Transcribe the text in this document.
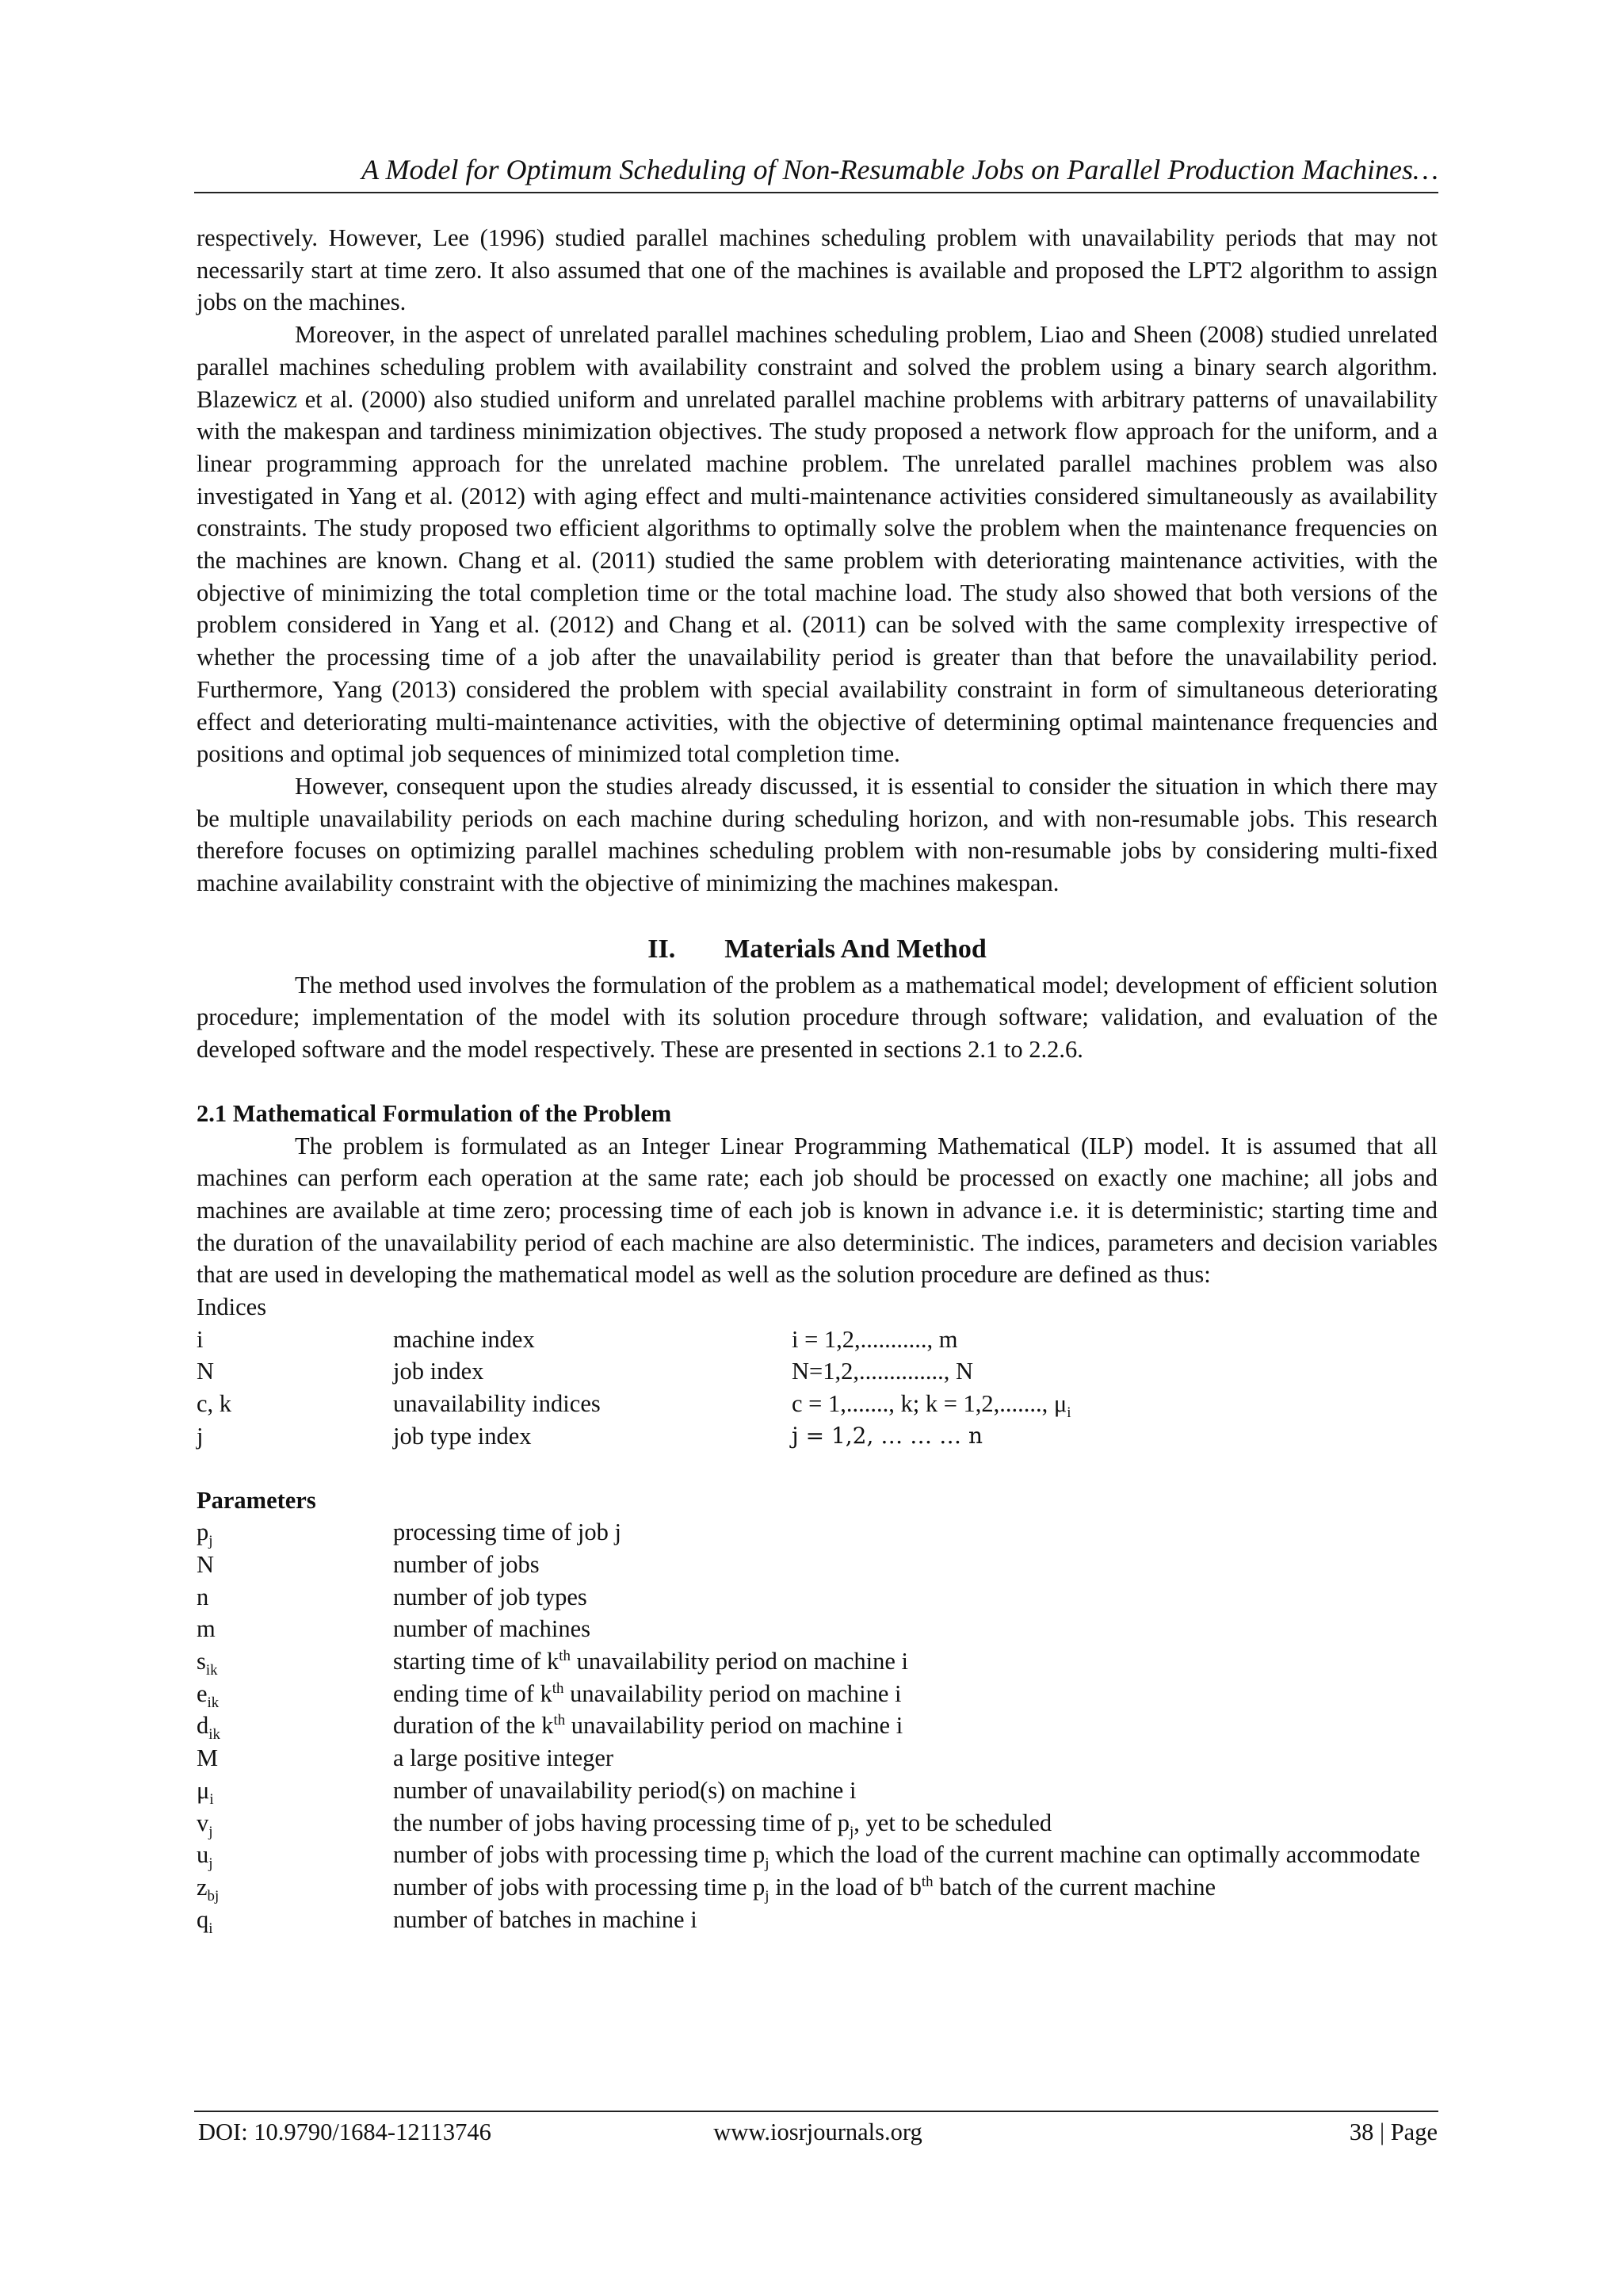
A Model for Optimum Scheduling of Non-Resumable Jobs on Parallel Production Machines…

respectively. However, Lee (1996) studied parallel machines scheduling problem with unavailability periods that may not necessarily start at time zero. It also assumed that one of the machines is available and proposed the LPT2 algorithm to assign jobs on the machines.

Moreover, in the aspect of unrelated parallel machines scheduling problem, Liao and Sheen (2008) studied unrelated parallel machines scheduling problem with availability constraint and solved the problem using a binary search algorithm. Blazewicz et al. (2000) also studied uniform and unrelated parallel machine problems with arbitrary patterns of unavailability with the makespan and tardiness minimization objectives. The study proposed a network flow approach for the uniform, and a linear programming approach for the unrelated machine problem. The unrelated parallel machines problem was also investigated in Yang et al. (2012) with aging effect and multi-maintenance activities considered simultaneously as availability constraints. The study proposed two efficient algorithms to optimally solve the problem when the maintenance frequencies on the machines are known. Chang et al. (2011) studied the same problem with deteriorating maintenance activities, with the objective of minimizing the total completion time or the total machine load. The study also showed that both versions of the problem considered in Yang et al. (2012) and Chang et al. (2011) can be solved with the same complexity irrespective of whether the processing time of a job after the unavailability period is greater than that before the unavailability period. Furthermore, Yang (2013) considered the problem with special availability constraint in form of simultaneous deteriorating effect and deteriorating multi-maintenance activities, with the objective of determining optimal maintenance frequencies and positions and optimal job sequences of minimized total completion time.

However, consequent upon the studies already discussed, it is essential to consider the situation in which there may be multiple unavailability periods on each machine during scheduling horizon, and with non-resumable jobs. This research therefore focuses on optimizing parallel machines scheduling problem with non-resumable jobs by considering multi-fixed machine availability constraint with the objective of minimizing the machines makespan.

II. Materials And Method

The method used involves the formulation of the problem as a mathematical model; development of efficient solution procedure; implementation of the model with its solution procedure through software; validation, and evaluation of the developed software and the model respectively. These are presented in sections 2.1 to 2.2.6.

2.1 Mathematical Formulation of the Problem

The problem is formulated as an Integer Linear Programming Mathematical (ILP) model. It is assumed that all machines can perform each operation at the same rate; each job should be processed on exactly one machine; all jobs and machines are available at time zero; processing time of each job is known in advance i.e. it is deterministic; starting time and the duration of the unavailability period of each machine are also deterministic. The indices, parameters and decision variables that are used in developing the mathematical model as well as the solution procedure are defined as thus:

Indices
i	machine index	i = 1,2,..........., m
N	job index	N=1,2,.............., N
c, k	unavailability indices	c = 1,......., k; k = 1,2,......., $\mu_i$
j	job type index	j = 1,2, … … … n
Parameters
$p_j$	processing time of job j
N	number of jobs
n	number of job types
m	number of machines
$s_{ik}$	starting time of $k^{th}$ unavailability period on machine i
$e_{ik}$	ending time of $k^{th}$ unavailability period on machine i
$d_{ik}$	duration of the $k^{th}$ unavailability period on machine i
M	a large positive integer
$\mu_i$	number of unavailability period(s) on machine i
$v_j$	the number of jobs having processing time of $p_j$, yet to be scheduled
$u_j$	number of jobs with processing time $p_j$ which the load of the current machine can optimally accommodate
$z_{bj}$	number of jobs with processing time $p_j$ in the load of $b^{th}$ batch of the current machine
$q_i$	number of batches in machine i
DOI: 10.9790/1684-12113746	www.iosrjournals.org	38 | Page
